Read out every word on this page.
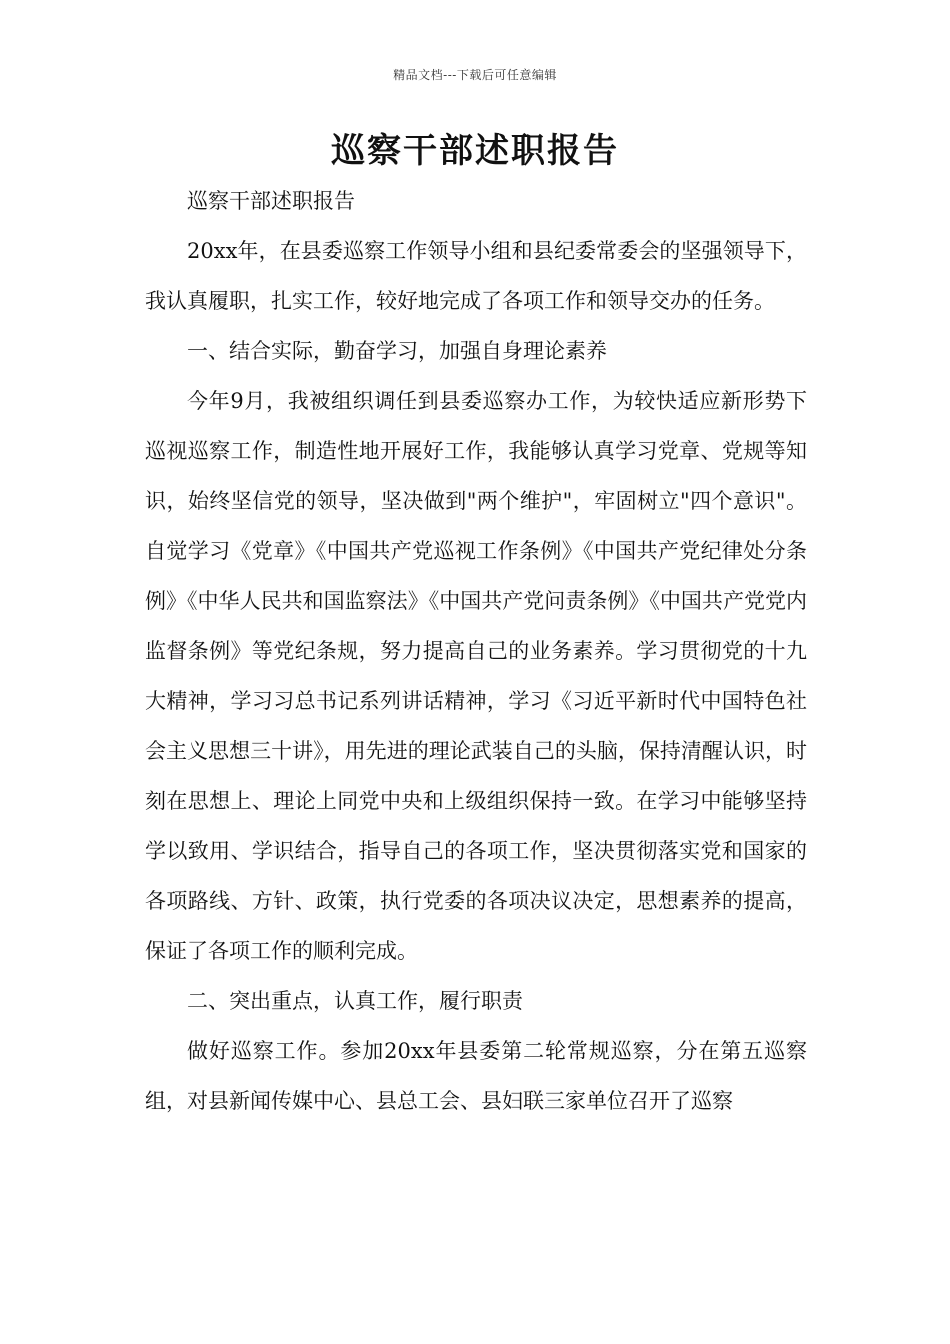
精品文档---下载后可任意编辑
巡察干部述职报告

巡察干部述职报告

20xx年，在县委巡察工作领导小组和县纪委常委会的坚强领导下，我认真履职，扎实工作，较好地完成了各项工作和领导交办的任务。

一、结合实际，勤奋学习，加强自身理论素养

今年9月，我被组织调任到县委巡察办工作，为较快适应新形势下巡视巡察工作，制造性地开展好工作，我能够认真学习党章、党规等知识，始终坚信党的领导，坚决做到"两个维护"，牢固树立"四个意识"。自觉学习《党章》《中国共产党巡视工作条例》《中国共产党纪律处分条例》《中华人民共和国监察法》《中国共产党问责条例》《中国共产党党内监督条例》等党纪条规，努力提高自己的业务素养。学习贯彻党的十九大精神，学习习总书记系列讲话精神，学习《习近平新时代中国特色社会主义思想三十讲》，用先进的理论武装自己的头脑，保持清醒认识，时刻在思想上、理论上同党中央和上级组织保持一致。在学习中能够坚持学以致用、学识结合，指导自己的各项工作，坚决贯彻落实党和国家的各项路线、方针、政策，执行党委的各项决议决定，思想素养的提高，保证了各项工作的顺利完成。

二、突出重点，认真工作，履行职责

做好巡察工作。参加20xx年县委第二轮常规巡察，分在第五巡察组，对县新闻传媒中心、县总工会、县妇联三家单位召开了巡察
